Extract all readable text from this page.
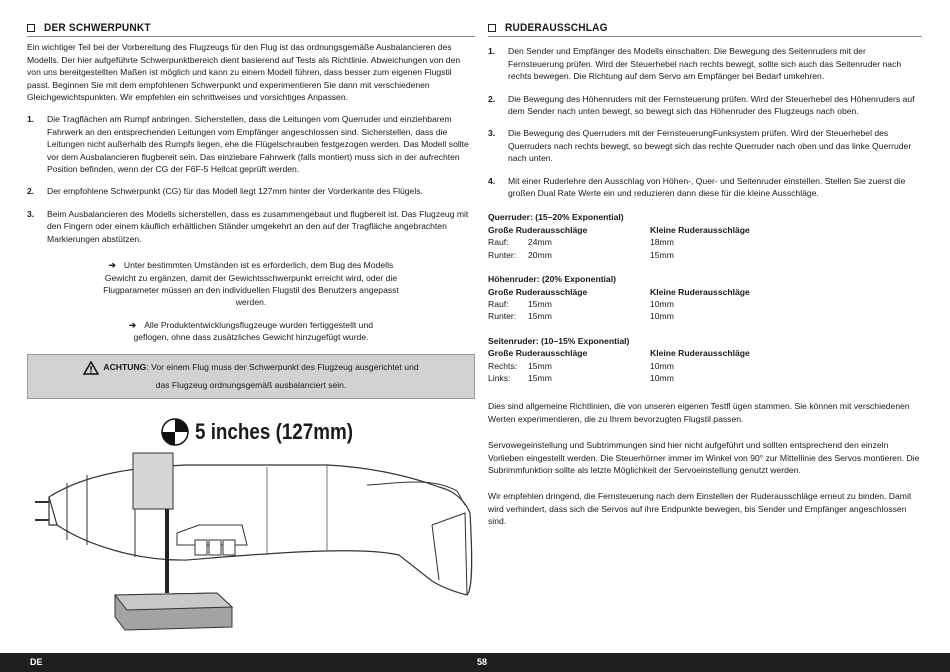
DER SCHWERPUNKT

Ein wichtiger Teil bei der Vorbereitung des Flugzeugs für den Flug ist das ordnungsgemäße Ausbalancieren des Modells. Der hier aufgeführte Schwerpunktbereich dient basierend auf Tests als Richtlinie. Abweichungen von den von uns bereitgestellten Maßen ist möglich und kann zu einem Modell führen, dass besser zum eigenen Flugstil passt. Beginnen Sie mit dem empfohlenen Schwerpunkt und experimentieren Sie dann mit verschiedenen Gleichgewichtspunkten. Wir empfehlen ein schrittweises und vorsichtiges Anpassen.

1.	Die Tragflächen am Rumpf anbringen. Sicherstellen, dass die Leitungen vom Querruder und einziehbarem Fahrwerk an den entsprechenden Leitungen vom Empfänger angeschlossen sind. Sicherstellen, dass die Leitungen nicht außerhalb des Rumpfs liegen, ehe die Flügelschrauben festgezogen werden. Das Modell sollte vor dem Ausbalancieren flugbereit sein. Das einziebare Fahrwerk (falls montiert) muss sich in der aufrechten Position befinden, wenn der CG der F6F-5 Hellcat geprüft werden.
2.	Der empfohlene Schwerpunkt (CG) für das Modell liegt 127mm hinter der Vorderkante des Flügels.
3.	Beim Ausbalancieren des Modells sicherstellen, dass es zusammengebaut und flugbereit ist. Das Flugzeug mit den Fingern oder einem käuflich erhältlichen Ständer umgekehrt an den auf der Tragfläche angebrachten Markierungen abstützen.
➔ Unter bestimmten Umständen ist es erforderlich, dem Bug des Modells Gewicht zu ergänzen, damit der Gewichtsschwerpunkt erreicht wird, oder die Flugparameter müssen an den individuellen Flugstil des Benutzers angepasst werden.
➔ Alle Produktentwicklungsflugzeuge wurden fertiggestellt und geflogen, ohne dass zusätzliches Gewicht hinzugefügt wurde.
ACHTUNG: Vor einem Flug muss der Schwerpunkt des Flugzeug ausgerichtet und
das Flugzeug ordnungsgemäß ausbalanciert sein.
5 inches (127mm)
RUDERAUSSCHLAG
1.	Den Sender und Empfänger des Modells einschalten. Die Bewegung des Seitenruders mit der Fernsteuerung prüfen. Wird der Steuerhebel nach rechts bewegt, sollte sich auch das Seitenruder nach rechts bewegen. Die Richtung auf dem Servo am Empfänger bei Bedarf umkehren.
2.	Die Bewegung des Höhenruders mit der Fernsteuerung prüfen. Wird der Steuerhebel des Höhenruders auf dem Sender nach unten bewegt, so bewegt sich das Höhenruder des Flugzeugs nach oben.
3.	Die Bewegung des Querruders mit der FernsteuerungFunksystem prüfen. Wird der Steuerhebel des Querruders nach rechts bewegt, so bewegt sich das rechte Querruder nach oben und das linke Querruder nach unten.
4.	Mit einer Ruderlehre den Ausschlag von Höhen-, Quer- und Seitenruder einstellen. Stellen Sie zuerst die großen Dual Rate Werte ein und reduzieren dann diese für die kleine Ausschläge.
Querruder: (15–20% Exponential)
Große Ruderausschläge	Kleine Ruderausschläge
Rauf:	24mm	18mm
Runter:	20mm	15mm
Höhenruder: (20% Exponential)
Große Ruderausschläge	Kleine Ruderausschläge
Rauf:	15mm	10mm
Runter:	15mm	10mm
Seitenruder: (10–15% Exponential)
Große Ruderausschläge	Kleine Ruderausschläge
Rechts:	15mm	10mm
Links:	15mm	10mm

Dies sind allgemeine Richtlinien, die von unseren eigenen Testfl ügen stammen. Sie können mit verschiedenen Werten experimentieren, die zu Ihrem bevorzugten Flugstil passen.

Servowegeinstellung und Subtrimmungen sind hier nicht aufgeführt und sollten entsprechend den einzeln Vorlieben eingestellt werden. Die Steuerhörner immer im Winkel von 90° zur Mittellinie des Servos montieren. Die Subrimmfunktion sollte als letzte Möglichkeit der Servoeinstellung genutzt werden.

Wir empfehlen dringend, die Fernsteuerung nach dem Einstellen der Ruderausschläge erneut zu binden. Damit wird verhindert, dass sich die Servos auf ihre Endpunkte bewegen, bis Sender und Empfänger angeschlossen sind.

DE	58
